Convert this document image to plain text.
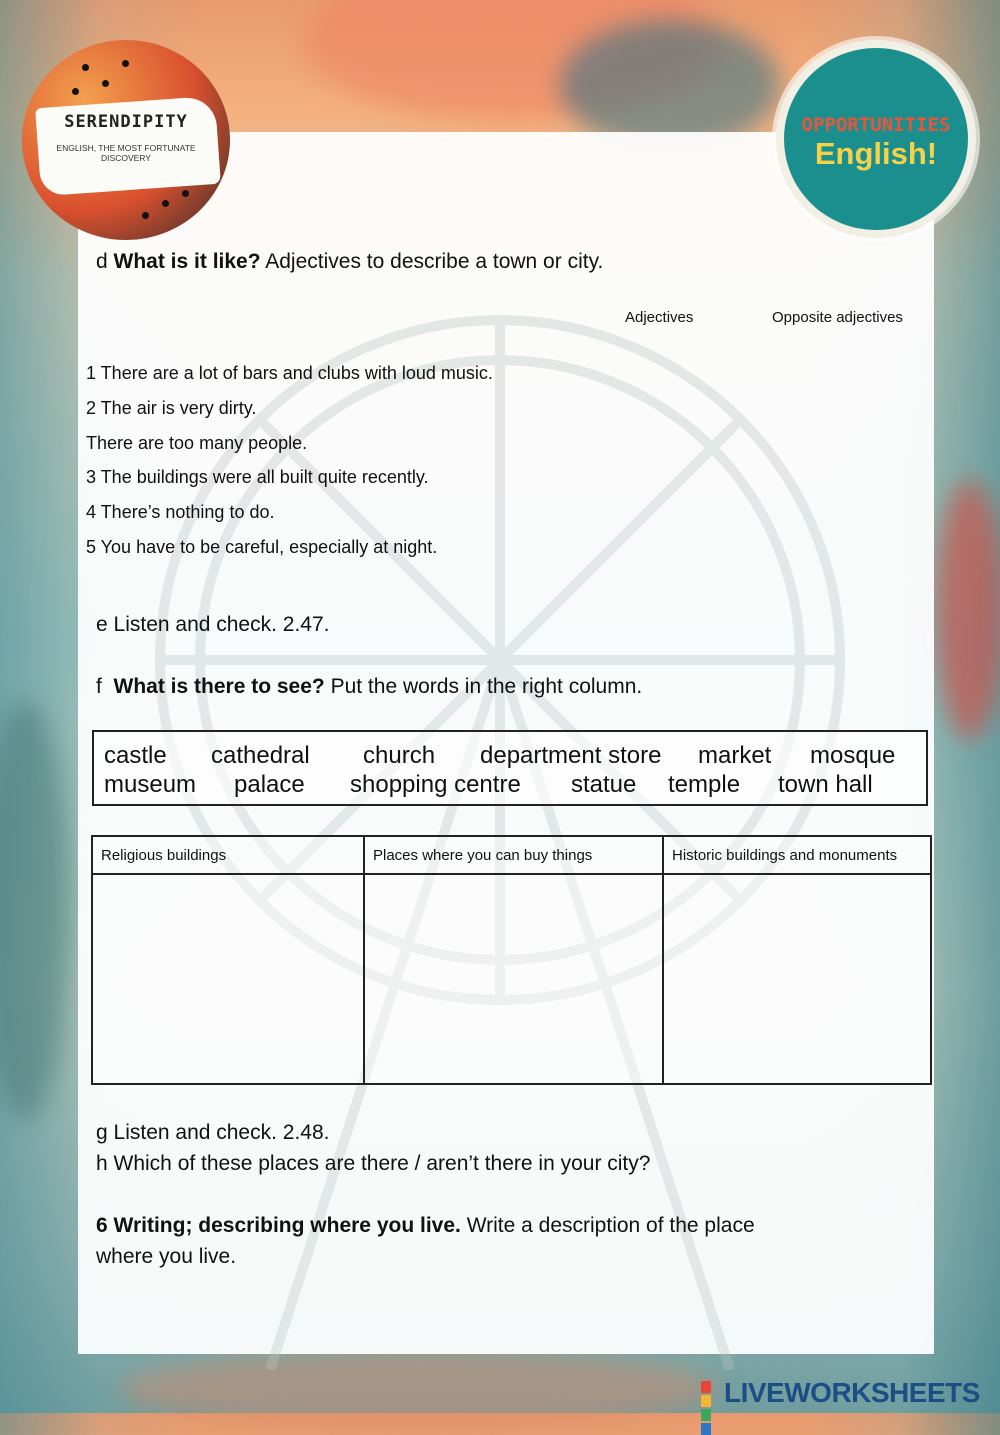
SERENDIPITY
ENGLISH, THE MOST FORTUNATE DISCOVERY
OPPORTUNITIES
English!
d What is it like? Adjectives to describe a town or city.
Adjectives	Opposite adjectives
1 There are a lot of bars and clubs with loud music.
2 The air is very dirty.
There are too many people.
3 The buildings were all built quite recently.
4 There’s nothing to do.
5 You have to be careful, especially at night.
e Listen and check. 2.47.
f What is there to see? Put the words in the right column.
castle cathedral church department store market mosque
museum palace shopping centre statue temple town hall
Religious buildings	Places where you can buy things	Historic buildings and monuments

g Listen and check. 2.48.
h Which of these places are there / aren’t there in your city?
6 Writing; describing where you live. Write a description of the place
where you live.
LIVEWORKSHEETS
